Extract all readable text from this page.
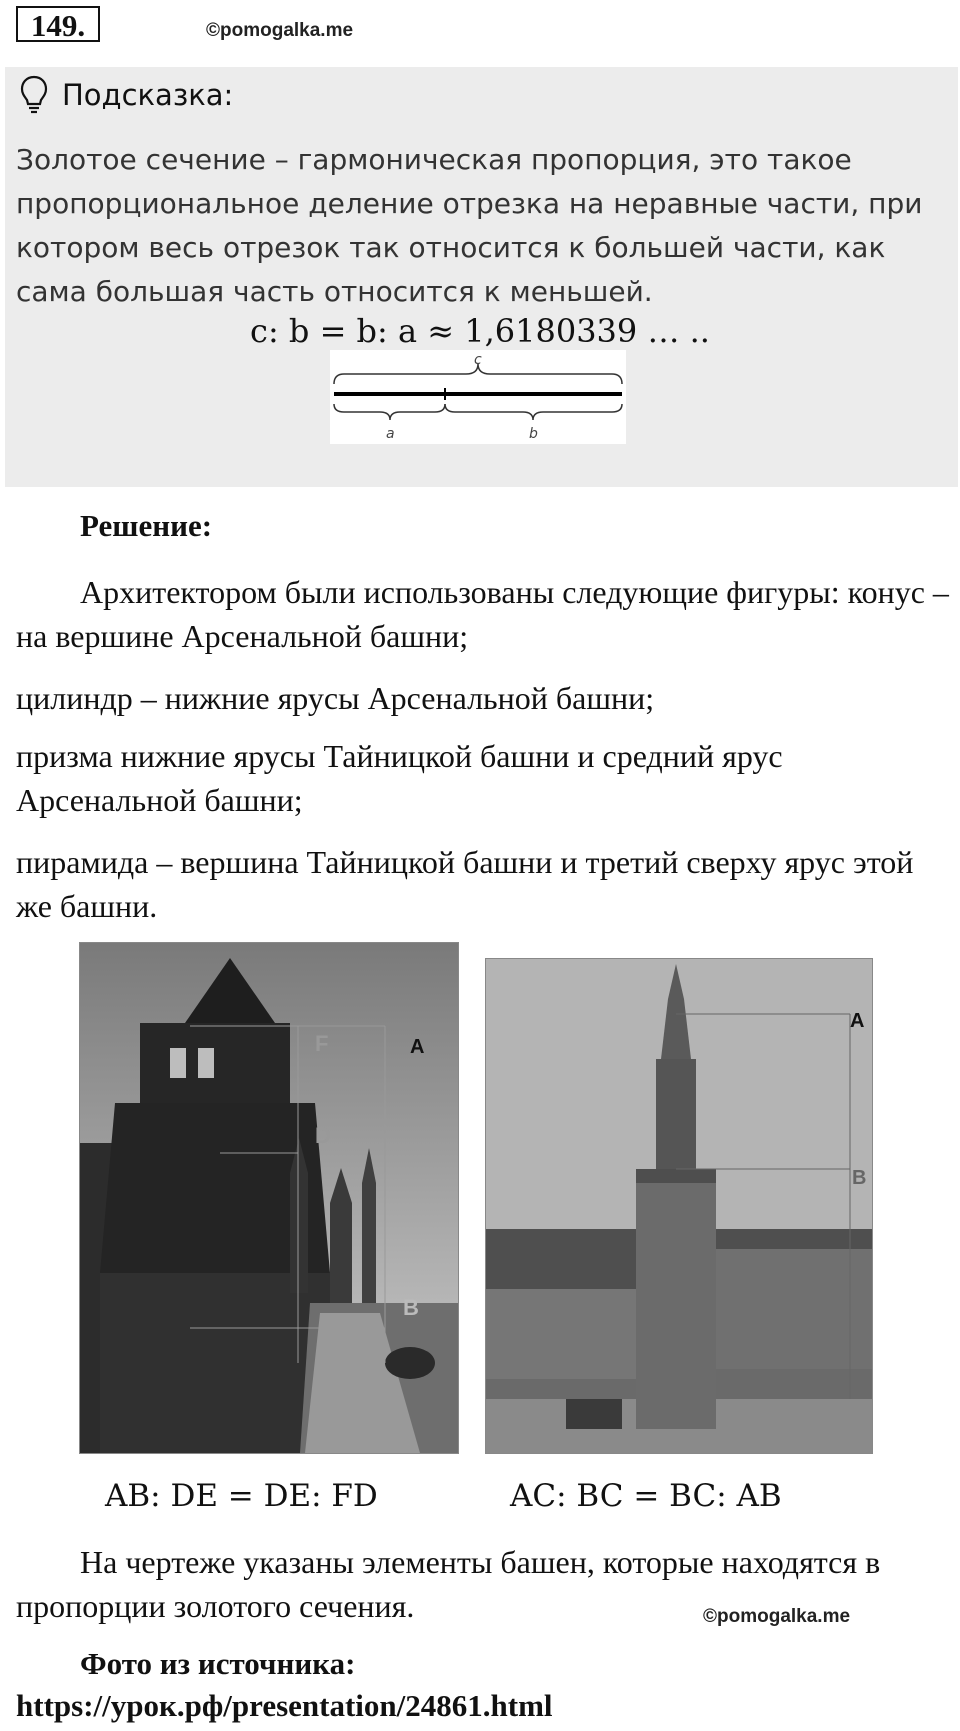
149.	©pomogalka.me
Подсказка:
Золотое сечение – гармоническая пропорция, это такое пропорциональное деление отрезка на неравные части, при котором весь отрезок так относится к большей части, как сама большая часть относится к меньшей.
c: b = b: a ≈ 1,6180339 … ..
c
a	b
Решение:
Архитектором были использованы следующие фигуры: конус – на вершине Арсенальной башни;
цилиндр – нижние ярусы Арсенальной башни;
призма нижние ярусы Тайницкой башни и средний ярус Арсенальной башни;
пирамида – вершина Тайницкой башни и третий сверху ярус этой же башни.
F	A
D
B
A
B
AB: DE = DE: FD	AC: BC = BC: AB
На чертеже указаны элементы башен, которые находятся в пропорции золотого сечения.	©pomogalka.me
Фото из источника:
https://урок.рф/presentation/24861.html
